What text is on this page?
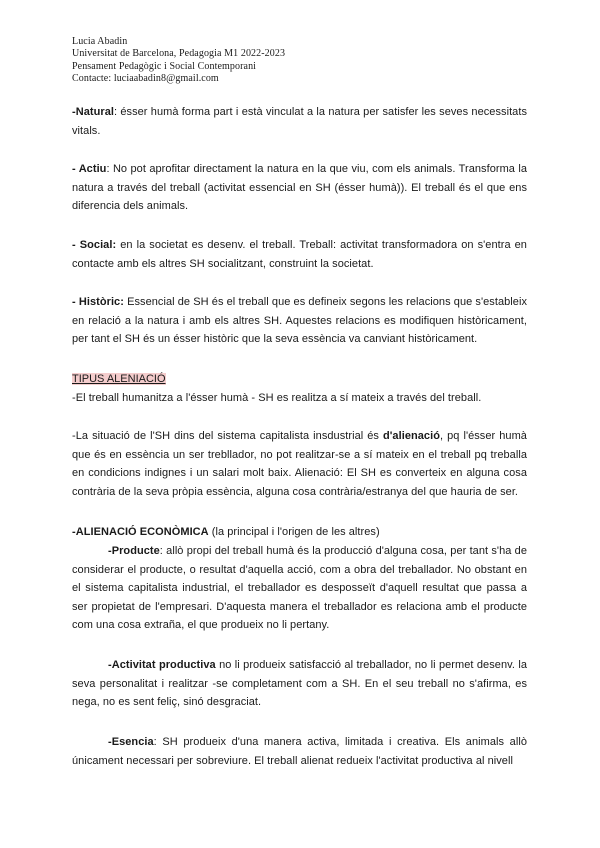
Lucia Abadin
Universitat de Barcelona, Pedagogia M1 2022-2023
Pensament Pedagògic i Social Contemporani
Contacte: luciaabadin8@gmail.com

-Natural: ésser humà forma part i està vinculat a la natura per satisfer les seves necessitats vitals.

- Actiu: No pot aprofitar directament la natura en la que viu, com els animals. Transforma la natura a través del treball (activitat essencial en SH (ésser humà)). El treball és el que ens diferencia dels animals.

- Social: en la societat es desenv. el treball. Treball: activitat transformadora on s'entra en contacte amb els altres SH socialitzant, construint la societat.

- Històric: Essencial de SH és el treball que es defineix segons les relacions que s'estableix en relació a la natura i amb els altres SH. Aquestes relacions es modifiquen històricament, per tant el SH és un ésser històric que la seva essència va canviant històricament.

TIPUS ALENIACIÓ

-El treball humanitza a l'ésser humà - SH es realitza a sí mateix a través del treball.

-La situació de l'SH dins del sistema capitalista insdustrial és d'alienació, pq l'ésser humà que és en essència un ser trebllador, no pot realitzar-se a sí mateix en el treball pq treballa en condicions indignes i un salari molt baix. Alienació: El SH es converteix en alguna cosa contrària de la seva pròpia essència, alguna cosa contrària/estranya del que hauria de ser.

-ALIENACIÓ ECONÒMICA (la principal i l'origen de les altres)

-Producte: allò propi del treball humà és la producció d'alguna cosa, per tant s'ha de considerar el producte, o resultat d'aquella acció, com a obra del treballador. No obstant en el sistema capitalista industrial, el treballador es desposseït d'aquell resultat que passa a ser propietat de l'empresari. D'aquesta manera el treballador es relaciona amb el producte com una cosa extraña, el que produeix no li pertany.

-Activitat productiva no li produeix satisfacció al treballador, no li permet desenv. la seva personalitat i realitzar -se completament com a SH. En el seu treball no s'afirma, es nega, no es sent feliç, sinó desgraciat.

-Esencia: SH produeix d'una manera activa, limitada i creativa. Els animals allò únicament necessari per sobreviure. El treball alienat redueix l'activitat productiva al nivell
